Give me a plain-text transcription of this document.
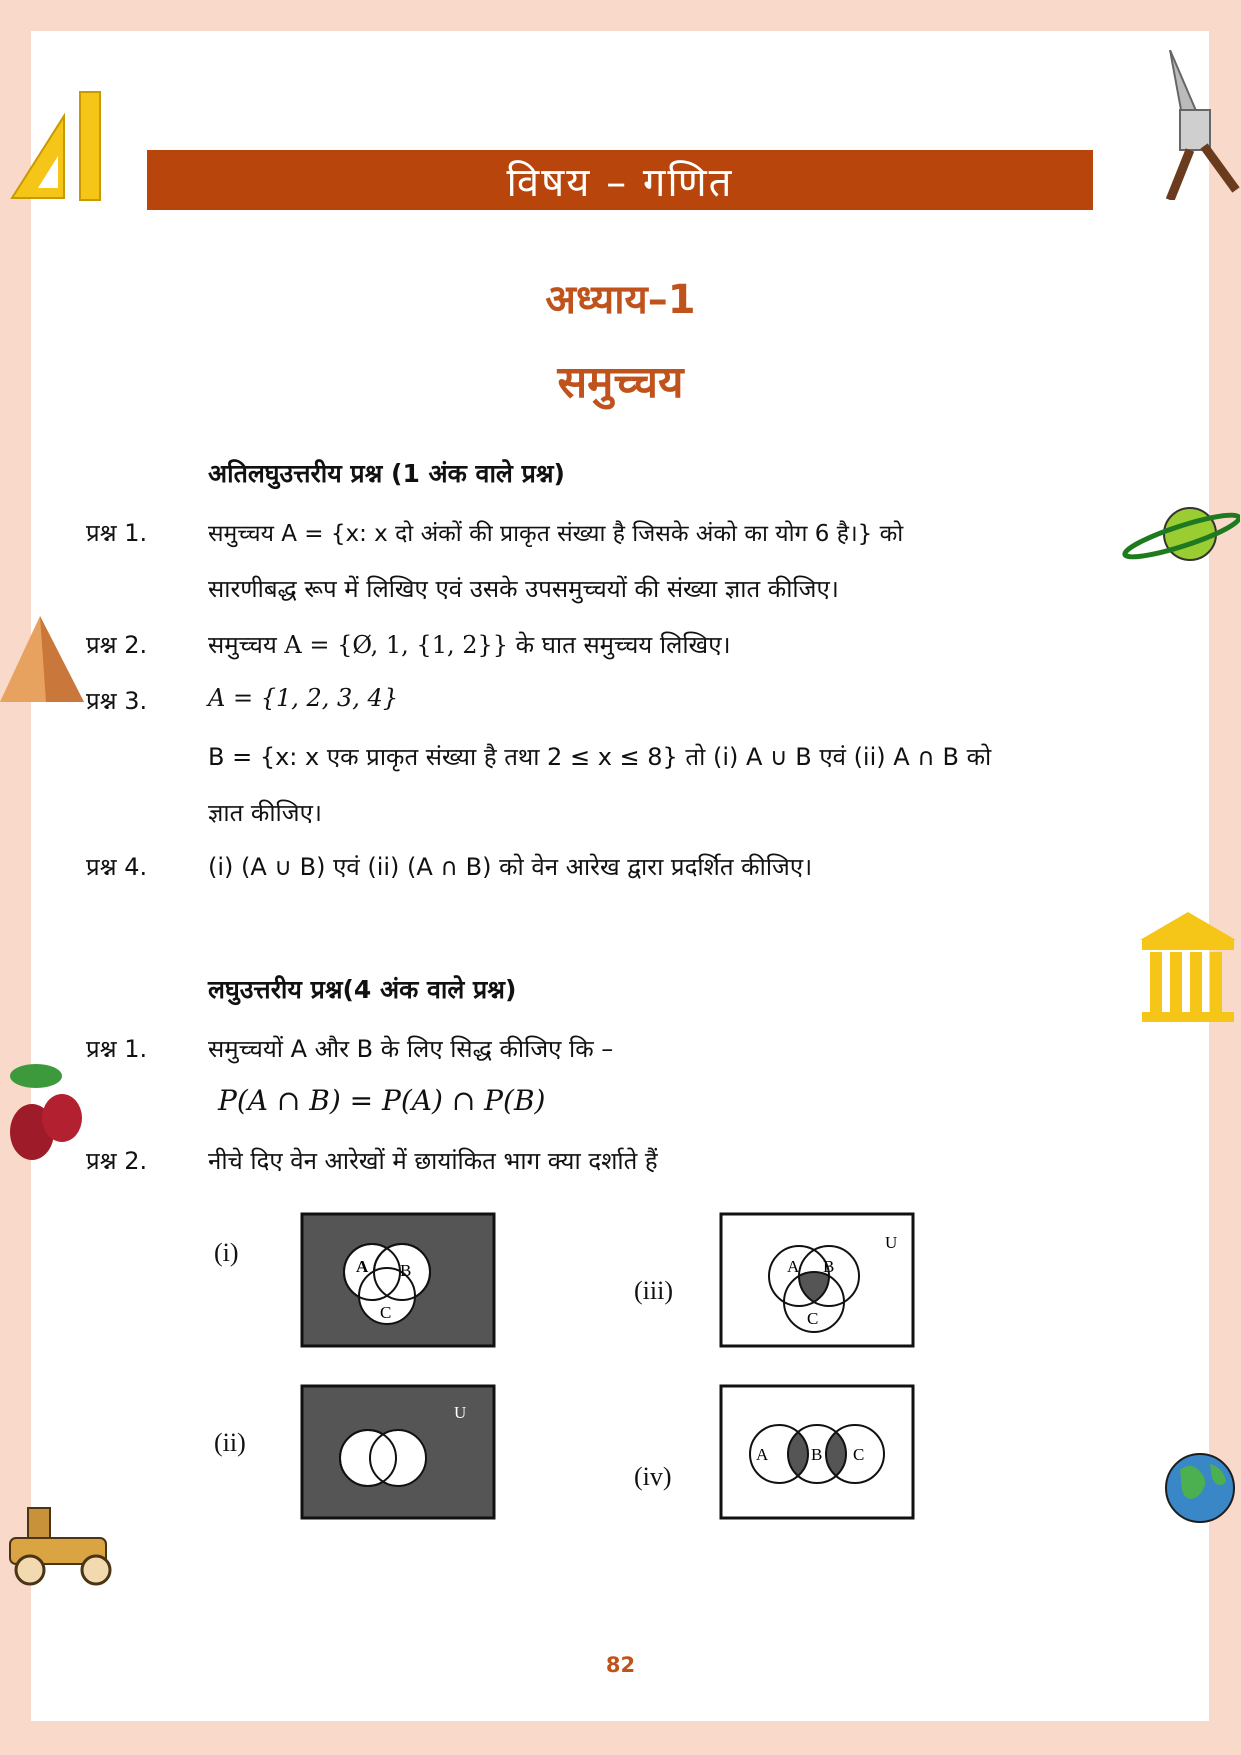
विषय – गणित
अध्याय–1
समुच्चय
अतिलघुउत्तरीय प्रश्न (1 अंक वाले प्रश्न)
प्रश्न 1.	समुच्चय A = {x: x दो अंकों की प्राकृत संख्या है जिसके अंको का योग 6 है।} को
सारणीबद्ध रूप में लिखिए एवं उसके उपसमुच्चयों की संख्या ज्ञात कीजिए।
प्रश्न 2.	समुच्चय A = {Ø, 1, {1, 2}} के घात समुच्चय लिखिए।
प्रश्न 3.	A = {1, 2, 3, 4}
B = {x: x एक प्राकृत संख्या है तथा 2 ≤ x ≤ 8} तो (i) A ∪ B एवं (ii) A ∩ B को
ज्ञात कीजिए।
प्रश्न 4.	(i) (A ∪ B) एवं (ii) (A ∩ B) को वेन आरेख द्वारा प्रदर्शित कीजिए।
लघुउत्तरीय प्रश्न(4 अंक वाले प्रश्न)
प्रश्न 1.	समुच्चयों A और B के लिए सिद्ध कीजिए कि –
P(A ∩ B) = P(A) ∩ P(B)
प्रश्न 2.	नीचे दिए वेन आरेखों में छायांकित भाग क्या दर्शाते हैं
(i)
(ii)
(iii)
(iv)
A B
C
U
A B
C
U
A	B C
82
